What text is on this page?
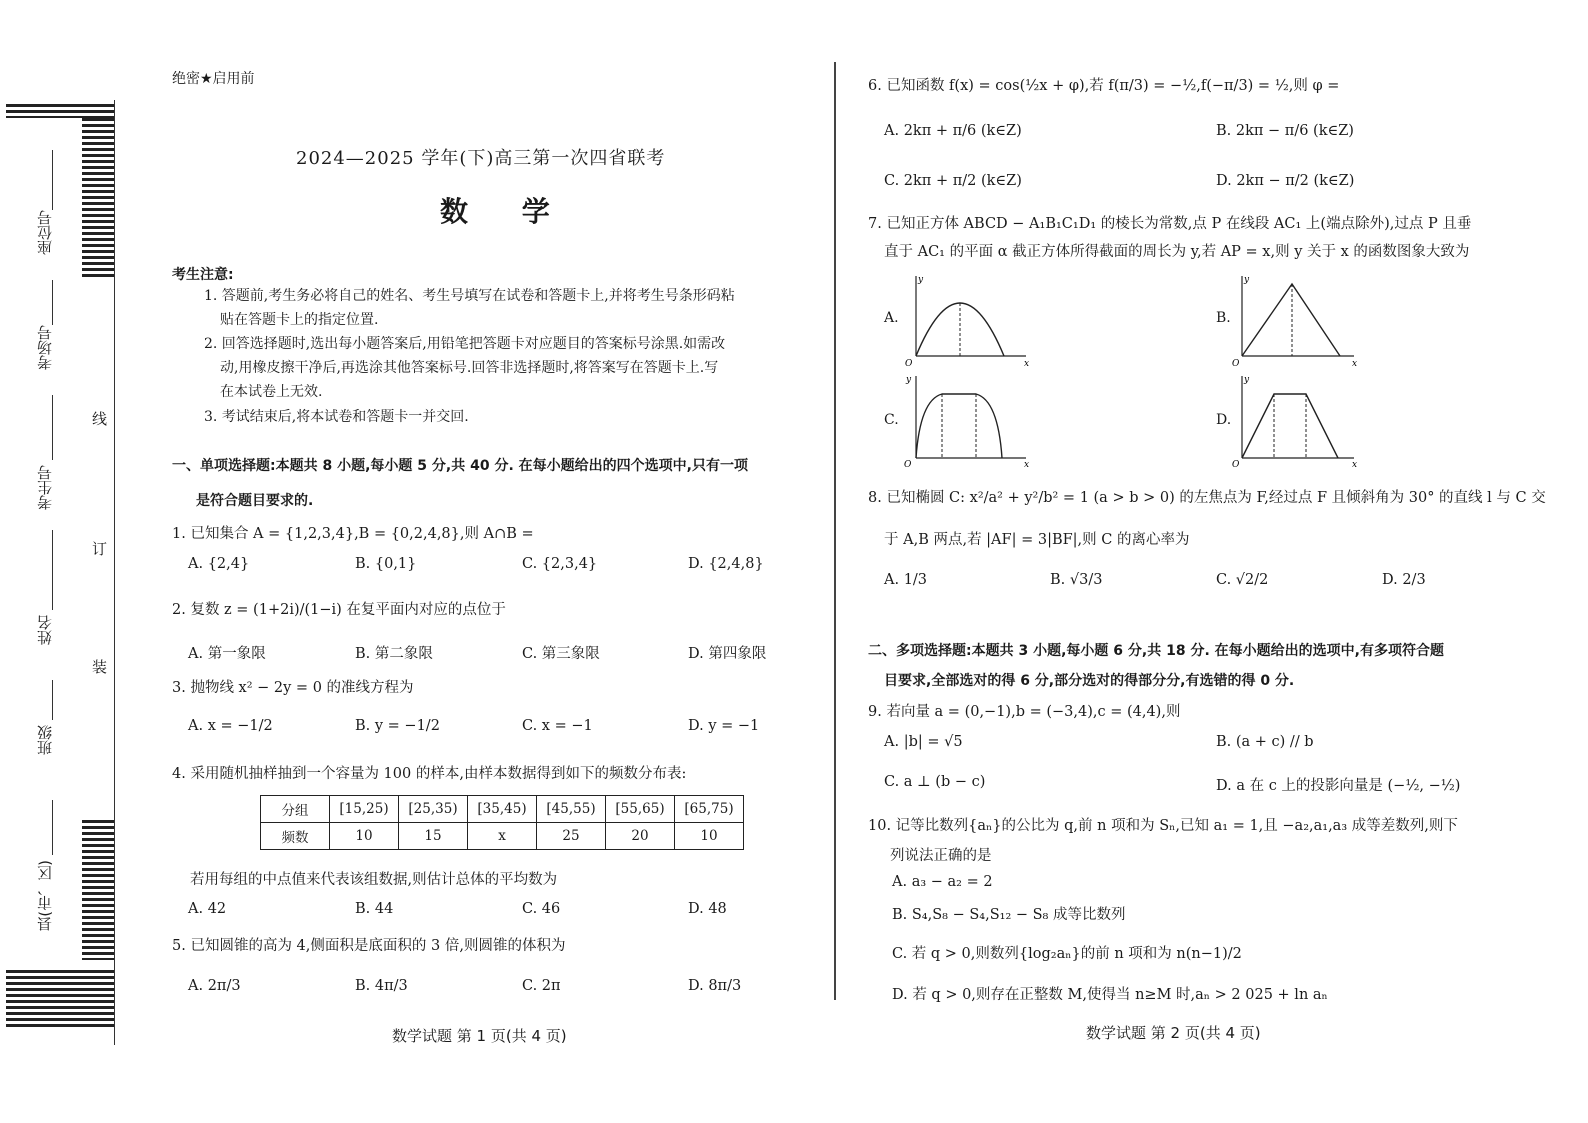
座位号
考场号
考生号
姓名
班级
县(市、区)
线
订
装
绝密★启用前
2024—2025 学年(下)高三第一次四省联考
数 学
考生注意:
1. 答题前,考生务必将自己的姓名、考生号填写在试卷和答题卡上,并将考生号条形码粘
贴在答题卡上的指定位置.
2. 回答选择题时,选出每小题答案后,用铅笔把答题卡对应题目的答案标号涂黑.如需改
动,用橡皮擦干净后,再选涂其他答案标号.回答非选择题时,将答案写在答题卡上.写
在本试卷上无效.
3. 考试结束后,将本试卷和答题卡一并交回.
一、单项选择题:本题共 8 小题,每小题 5 分,共 40 分. 在每小题给出的四个选项中,只有一项
是符合题目要求的.
1. 已知集合 A = {1,2,3,4},B = {0,2,4,8},则 A∩B =
A. {2,4}	B. {0,1}	C. {2,3,4}	D. {2,4,8}
2. 复数 z = (1+2i)/(1−i) 在复平面内对应的点位于
A. 第一象限	B. 第二象限	C. 第三象限	D. 第四象限
3. 抛物线 x² − 2y = 0 的准线方程为
A. x = −1/2	B. y = −1/2	C. x = −1	D. y = −1
4. 采用随机抽样抽到一个容量为 100 的样本,由样本数据得到如下的频数分布表:
分组	[15,25)	[25,35)	[35,45)	[45,55)	[55,65)	[65,75)
频数	10	15	x	25	20	10
若用每组的中点值来代表该组数据,则估计总体的平均数为
A. 42	B. 44	C. 46	D. 48
5. 已知圆锥的高为 4,侧面积是底面积的 3 倍,则圆锥的体积为
A. 2π/3	B. 4π/3	C. 2π	D. 8π/3
数学试题 第 1 页(共 4 页)
6. 已知函数 f(x) = cos(½x + φ),若 f(π/3) = −½,f(−π/3) = ½,则 φ =
A. 2kπ + π/6 (k∈Z)	B. 2kπ − π/6 (k∈Z)
C. 2kπ + π/2 (k∈Z)	D. 2kπ − π/2 (k∈Z)
7. 已知正方体 ABCD − A₁B₁C₁D₁ 的棱长为常数,点 P 在线段 AC₁ 上(端点除外),过点 P 且垂
直于 AC₁ 的平面 α 截正方体所得截面的周长为 y,若 AP = x,则 y 关于 x 的函数图象大致为
A.
y
x
O
B.
y
x
O
C.
y
x
O
D.
y
x
O
8. 已知椭圆 C: x²/a² + y²/b² = 1 (a > b > 0) 的左焦点为 F,经过点 F 且倾斜角为 30° 的直线 l 与 C 交
于 A,B 两点,若 |AF| = 3|BF|,则 C 的离心率为
A. 1/3	B. √3/3	C. √2/2	D. 2/3
二、多项选择题:本题共 3 小题,每小题 6 分,共 18 分. 在每小题给出的选项中,有多项符合题
目要求,全部选对的得 6 分,部分选对的得部分分,有选错的得 0 分.
9. 若向量 a = (0,−1),b = (−3,4),c = (4,4),则
A. |b| = √5	B. (a + c) // b
C. a ⊥ (b − c)	D. a 在 c 上的投影向量是 (−½, −½)
10. 记等比数列{aₙ}的公比为 q,前 n 项和为 Sₙ,已知 a₁ = 1,且 −a₂,a₁,a₃ 成等差数列,则下
列说法正确的是
A. a₃ − a₂ = 2
B. S₄,S₈ − S₄,S₁₂ − S₈ 成等比数列
C. 若 q > 0,则数列{log₂aₙ}的前 n 项和为 n(n−1)/2
D. 若 q > 0,则存在正整数 M,使得当 n≥M 时,aₙ > 2 025 + ln aₙ
数学试题 第 2 页(共 4 页)
